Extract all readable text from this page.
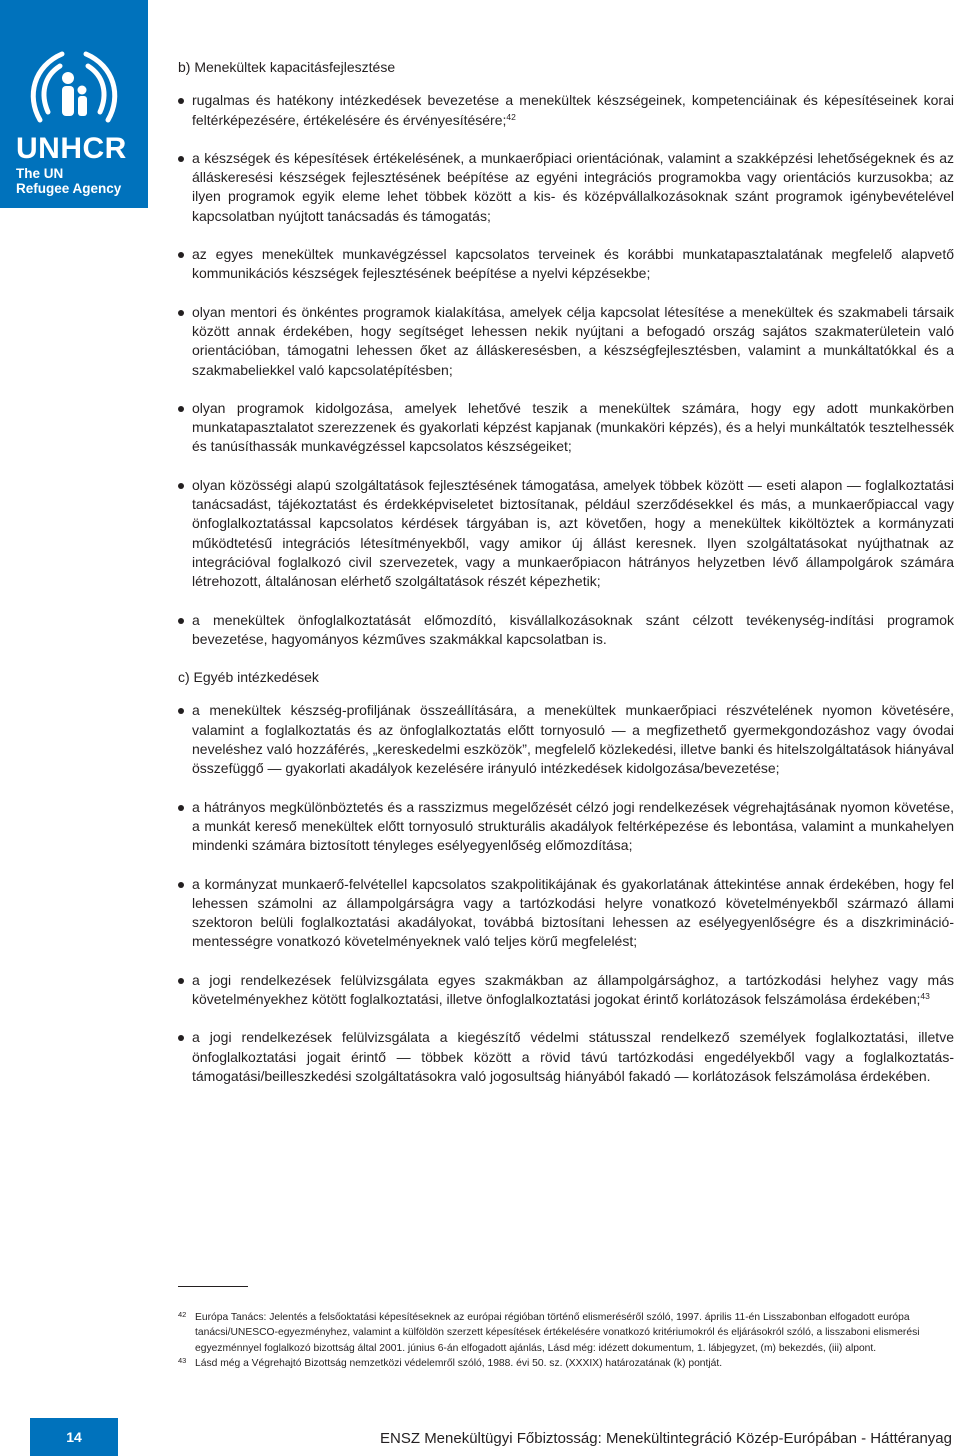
UNHCR
The UN
Refugee Agency
b) Menekültek kapacitásfejlesztése
rugalmas és hatékony intézkedések bevezetése a menekültek készségeinek, kompetenciáinak és képesítéseinek korai feltérképezésére, értékelésére és érvényesítésére;$^{42}$
a készségek és képesítések értékelésének, a munkaerőpiaci orientációnak, valamint a szakképzési lehetőségeknek és az álláskeresési készségek fejlesztésének beépítése az egyéni integrációs programokba vagy orientációs kurzusokba; az ilyen programok egyik eleme lehet többek között a kis- és középvállalkozásoknak szánt programok igénybevételével kapcsolatban nyújtott tanácsadás és támogatás;
az egyes menekültek munkavégzéssel kapcsolatos terveinek és korábbi munkatapasztalatának megfelelő alapvető kommunikációs készségek fejlesztésének beépítése a nyelvi képzésekbe;
olyan mentori és önkéntes programok kialakítása, amelyek célja kapcsolat létesítése a menekültek és szakmabeli társaik között annak érdekében, hogy segítséget lehessen nekik nyújtani a befogadó ország sajátos szakmaterületein való orientációban, támogatni lehessen őket az álláskeresésben, a készségfejlesztésben, valamint a munkáltatókkal és a szakmabeliekkel való kapcsolatépítésben;
olyan programok kidolgozása, amelyek lehetővé teszik a menekültek számára, hogy egy adott munkakörben munkatapasztalatot szerezzenek és gyakorlati képzést kapjanak (munkaköri képzés), és a helyi munkáltatók tesztelhessék és tanúsíthassák munkavégzéssel kapcsolatos készségeiket;
olyan közösségi alapú szolgáltatások fejlesztésének támogatása, amelyek többek között — eseti alapon — foglalkoztatási tanácsadást, tájékoztatást és érdekképviseletet biztosítanak, például szerződésekkel és más, a munkaerőpiaccal vagy önfoglalkoztatással kapcsolatos kérdések tárgyában is, azt követően, hogy a menekültek kiköltöztek a kormányzati működtetésű integrációs létesítményekből, vagy amikor új állást keresnek. Ilyen szolgáltatásokat nyújthatnak az integrációval foglalkozó civil szervezetek, vagy a munkaerőpiacon hátrányos helyzetben lévő állampolgárok számára létrehozott, általánosan elérhető szolgáltatások részét képezhetik;
a menekültek önfoglalkoztatását előmozdító, kisvállalkozásoknak szánt célzott tevékenység-indítási programok bevezetése, hagyományos kézműves szakmákkal kapcsolatban is.
c) Egyéb intézkedések
a menekültek készség-profiljának összeállítására, a menekültek munkaerőpiaci részvételének nyomon követésére, valamint a foglalkoztatás és az önfoglalkoztatás előtt tornyosuló — a megfizethető gyermekgondozáshoz vagy óvodai neveléshez való hozzáférés, „kereskedelmi eszközök”, megfelelő közlekedési, illetve banki és hitelszolgáltatások hiányával összefüggő — gyakorlati akadályok kezelésére irányuló intézkedések kidolgozása/bevezetése;
a hátrányos megkülönböztetés és a rasszizmus megelőzését célzó jogi rendelkezések végrehajtásának nyomon követése, a munkát kereső menekültek előtt tornyosuló strukturális akadályok feltérképezése és lebontása, valamint a munkahelyen mindenki számára biztosított tényleges esélyegyenlőség előmozdítása;
a kormányzat munkaerő-felvétellel kapcsolatos szakpolitikájának és gyakorlatának áttekintése annak érdekében, hogy fel lehessen számolni az állampolgárságra vagy a tartózkodási helyre vonatkozó követelményekből származó állami szektoron belüli foglalkoztatási akadályokat, továbbá biztosítani lehessen az esélyegyenlőségre és a diszkrimináció-mentességre vonatkozó követelményeknek való teljes körű megfelelést;
a jogi rendelkezések felülvizsgálata egyes szakmákban az állampolgársághoz, a tartózkodási helyhez vagy más követelményekhez kötött foglalkoztatási, illetve önfoglalkoztatási jogokat érintő korlátozások felszámolása érdekében;$^{43}$
a jogi rendelkezések felülvizsgálata a kiegészítő védelmi státusszal rendelkező személyek foglalkoztatási, illetve önfoglalkoztatási jogait érintő — többek között a rövid távú tartózkodási engedélyekből vagy a foglalkoztatás-támogatási/beilleszkedési szolgáltatásokra való jogosultság hiányából fakadó — korlátozások felszámolása érdekében.
42 Európa Tanács: Jelentés a felsőoktatási képesítéseknek az európai régióban történő elismeréséről szóló, 1997. április 11-én Lisszabonban elfogadott európa tanácsi/UNESCO-egyezményhez, valamint a külföldön szerzett képesítések értékelésére vonatkozó kritériumokról és eljárásokról szóló, a lisszaboni elismerési egyezménnyel foglalkozó bizottság által 2001. június 6-án elfogadott ajánlás, Lásd még: idézett dokumentum, 1. lábjegyzet, (m) bekezdés, (iii) alpont.
43 Lásd még a Végrehajtó Bizottság nemzetközi védelemről szóló, 1988. évi 50. sz. (XXXIX) határozatának (k) pontját.
14	ENSZ Menekültügyi Főbiztosság: Menekültintegráció Közép-Európában - Háttéranyag
